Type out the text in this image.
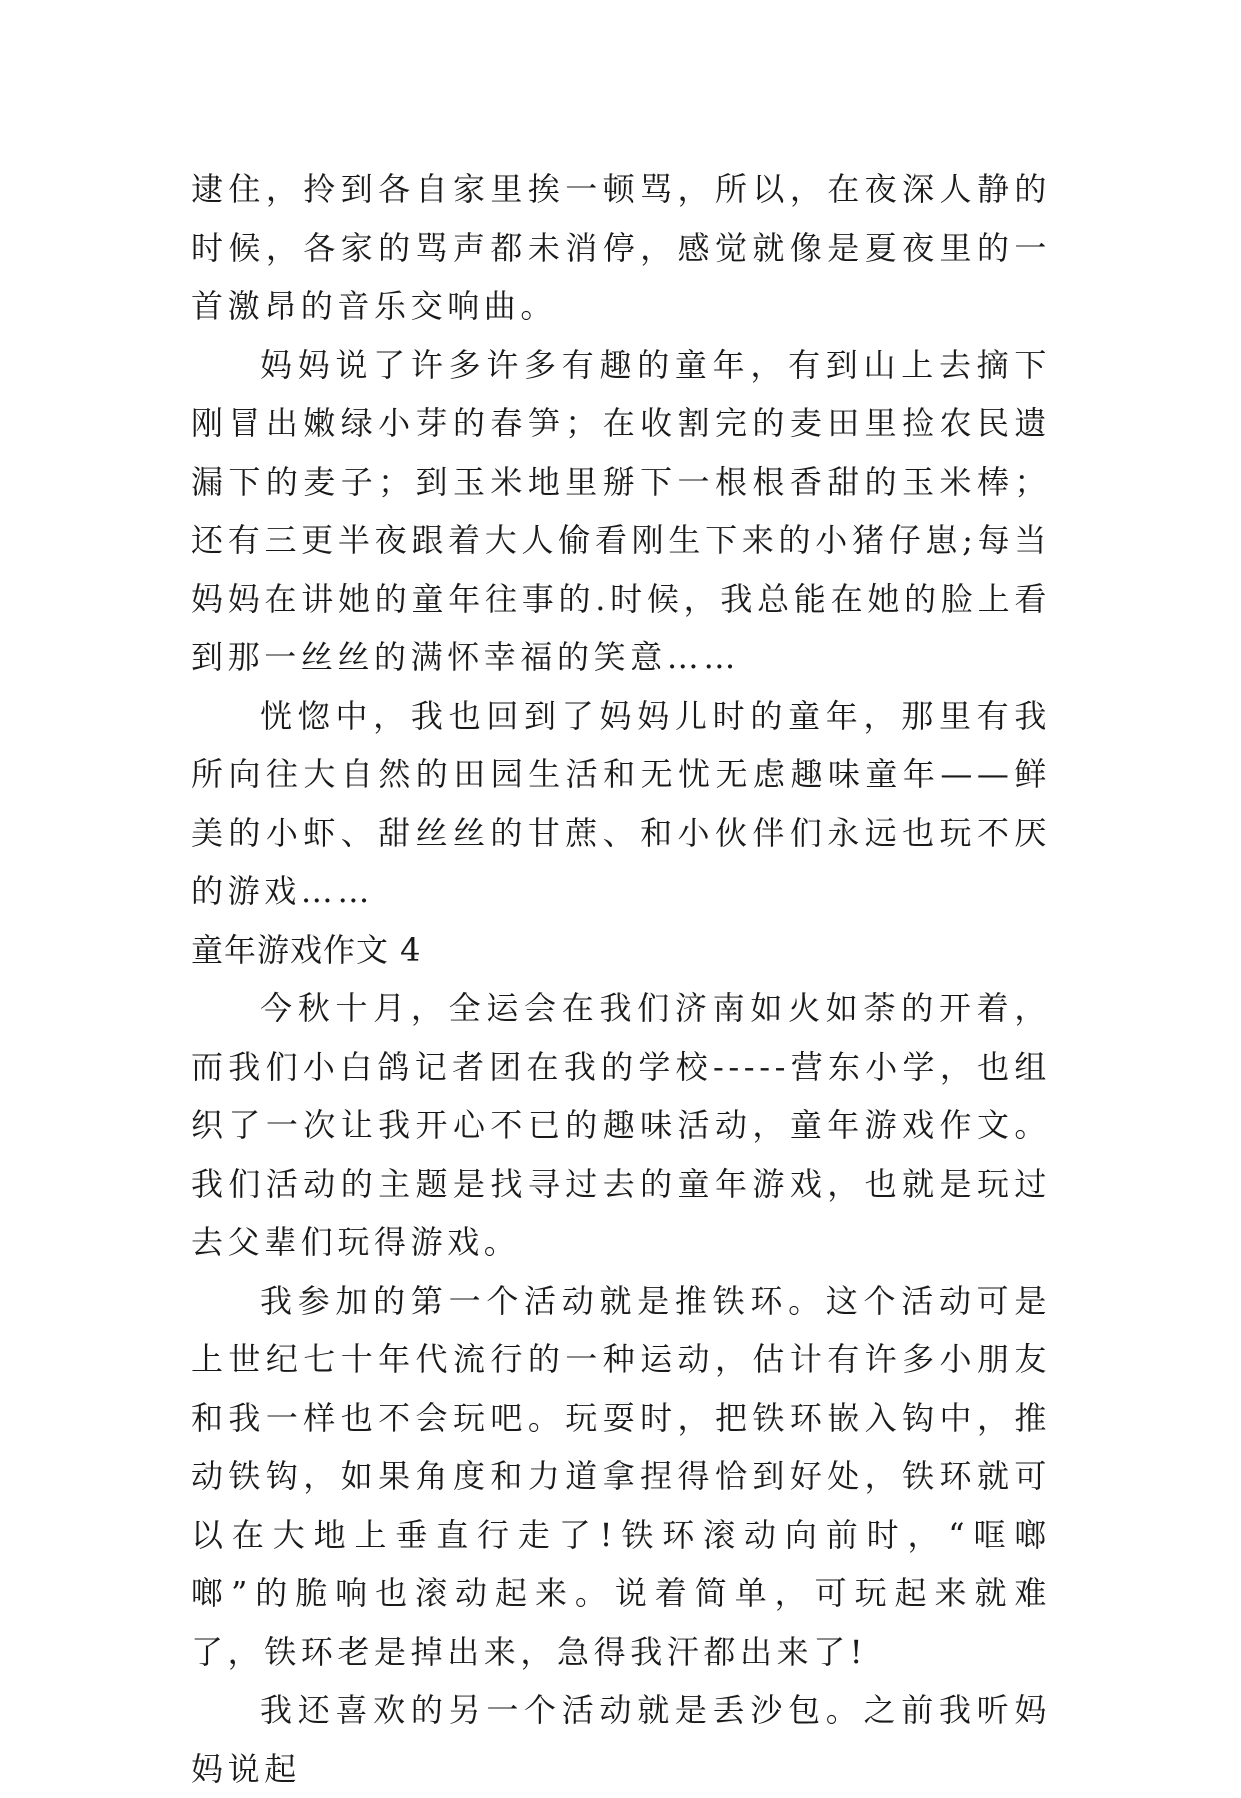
逮住，拎到各自家里挨一顿骂，所以，在夜深人静的时候，各家的骂声都未消停，感觉就像是夏夜里的一首激昂的音乐交响曲。

妈妈说了许多许多有趣的童年，有到山上去摘下刚冒出嫩绿小芽的春笋；在收割完的麦田里捡农民遗漏下的麦子；到玉米地里掰下一根根香甜的玉米棒；还有三更半夜跟着大人偷看刚生下来的小猪仔崽;每当妈妈在讲她的童年往事的.时候，我总能在她的脸上看到那一丝丝的满怀幸福的笑意……

恍惚中，我也回到了妈妈儿时的童年，那里有我所向往大自然的田园生活和无忧无虑趣味童年——鲜美的小虾、甜丝丝的甘蔗、和小伙伴们永远也玩不厌的游戏……

童年游戏作文 4

今秋十月，全运会在我们济南如火如荼的开着，而我们小白鸽记者团在我的学校-----营东小学，也组织了一次让我开心不已的趣味活动，童年游戏作文。我们活动的主题是找寻过去的童年游戏，也就是玩过去父辈们玩得游戏。

我参加的第一个活动就是推铁环。这个活动可是上世纪七十年代流行的一种运动，估计有许多小朋友和我一样也不会玩吧。玩耍时，把铁环嵌入钩中，推动铁钩，如果角度和力道拿捏得恰到好处，铁环就可以在大地上垂直行走了!铁环滚动向前时，“哐啷啷”的脆响也滚动起来。说着简单，可玩起来就难了，铁环老是掉出来，急得我汗都出来了!

我还喜欢的另一个活动就是丢沙包。之前我听妈妈说起
